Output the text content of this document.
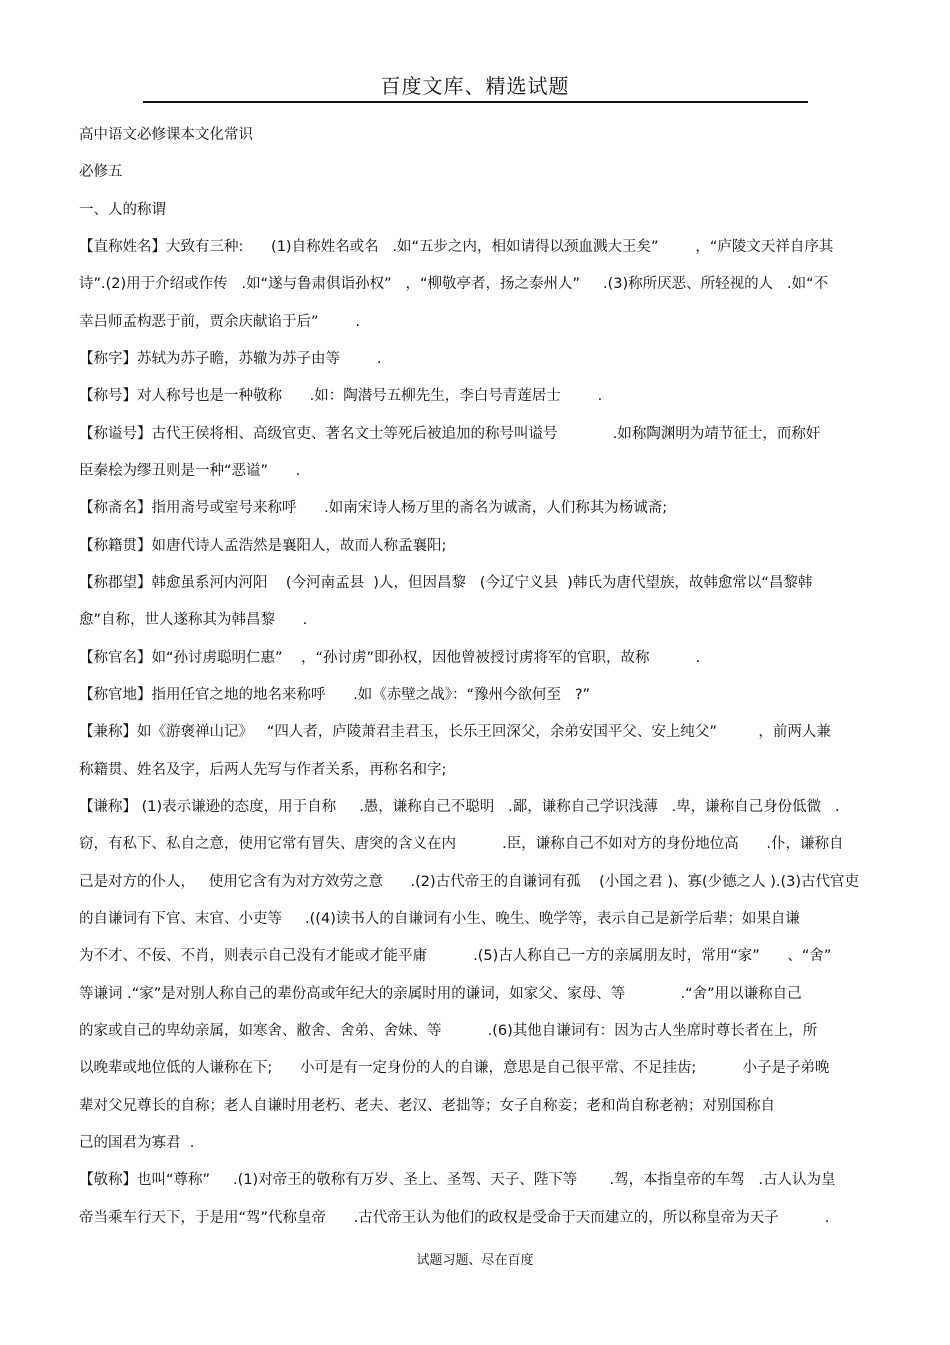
百度文库、精选试题
高中语文必修课本文化常识
必修五
一、人的称谓
【直称姓名】大致有三种:      (1)自称姓名或名   .如“五步之内，相如请得以颈血溅大王矣”        ，“庐陵文天祥自序其
诗”.(2)用于介绍或作传   .如“遂与鲁肃俱诣孙权”   ，“柳敬亭者，扬之泰州人”     .(3)称所厌恶、所轻视的人   .如“不
幸吕师孟构恶于前，贾余庆献谄于后”        .
【称字】苏轼为苏子瞻，苏辙为苏子由等        .
【称号】对人称号也是一种敬称      .如：陶潜号五柳先生，李白号青莲居士        .
【称谥号】古代王侯将相、高级官吏、著名文士等死后被追加的称号叫谥号            .如称陶渊明为靖节征士，而称奸
臣秦桧为缪丑则是一种“恶谥”      .
【称斋名】指用斋号或室号来称呼      .如南宋诗人杨万里的斋名为诚斋，人们称其为杨诚斋;
【称籍贯】如唐代诗人孟浩然是襄阳人，故而人称孟襄阳;
【称郡望】韩愈虽系河内河阳    (今河南孟县  )人，但因昌黎   (今辽宁义县  )韩氏为唐代望族，故韩愈常以“昌黎韩
愈”自称，世人遂称其为韩昌黎      .
【称官名】如“孙讨虏聪明仁惠”    ，“孙讨虏”即孙权，因他曾被授讨虏将军的官职，故称          .
【称官地】指用任官之地的地名来称呼      .如《赤壁之战》：“豫州今欲何至   ?”
【兼称】如《游褒禅山记》   “四人者，庐陵萧君圭君玉，长乐王回深父，余弟安国平父、安上纯父”         ，前两人兼
称籍贯、姓名及字，后两人先写与作者关系，再称名和字;
【谦称】 (1)表示谦逊的态度，用于自称     .愚，谦称自己不聪明   .鄙，谦称自己学识浅薄   .卑，谦称自己身份低微   .
窃，有私下、私自之意，使用它常有冒失、唐突的含义在内          .臣，谦称自己不如对方的身份地位高      .仆，谦称自
己是对方的仆人，   使用它含有为对方效劳之意      .(2)古代帝王的自谦词有孤    (小国之君 )、寡(少德之人 ).(3)古代官吏
的自谦词有下官、末官、小吏等     .((4)读书人的自谦词有小生、晚生、晚学等，表示自己是新学后辈；如果自谦
为不才、不佞、不肖，则表示自己没有才能或才能平庸          .(5)古人称自己一方的亲属朋友时，常用“家”      、“舍”
等谦词 .“家”是对别人称自己的辈份高或年纪大的亲属时用的谦词，如家父、家母、等            .“舍”用以谦称自己
的家或自己的卑幼亲属，如寒舍、敝舍、舍弟、舍妹、等          .(6)其他自谦词有：因为古人坐席时尊长者在上，所
以晚辈或地位低的人谦称在下;      小可是有一定身份的人的自谦，意思是自己很平常、不足挂齿;          小子是子弟晚
辈对父兄尊长的自称；老人自谦时用老朽、老夫、老汉、老拙等；女子自称妾；老和尚自称老衲；对别国称自
己的国君为寡君  .
【敬称】也叫“尊称”     .(1)对帝王的敬称有万岁、圣上、圣驾、天子、陛下等       .驾，本指皇帝的车驾   .古人认为皇
帝当乘车行天下，于是用“驾”代称皇帝      .古代帝王认为他们的政权是受命于天而建立的，所以称皇帝为天子          .
试题习题、尽在百度
